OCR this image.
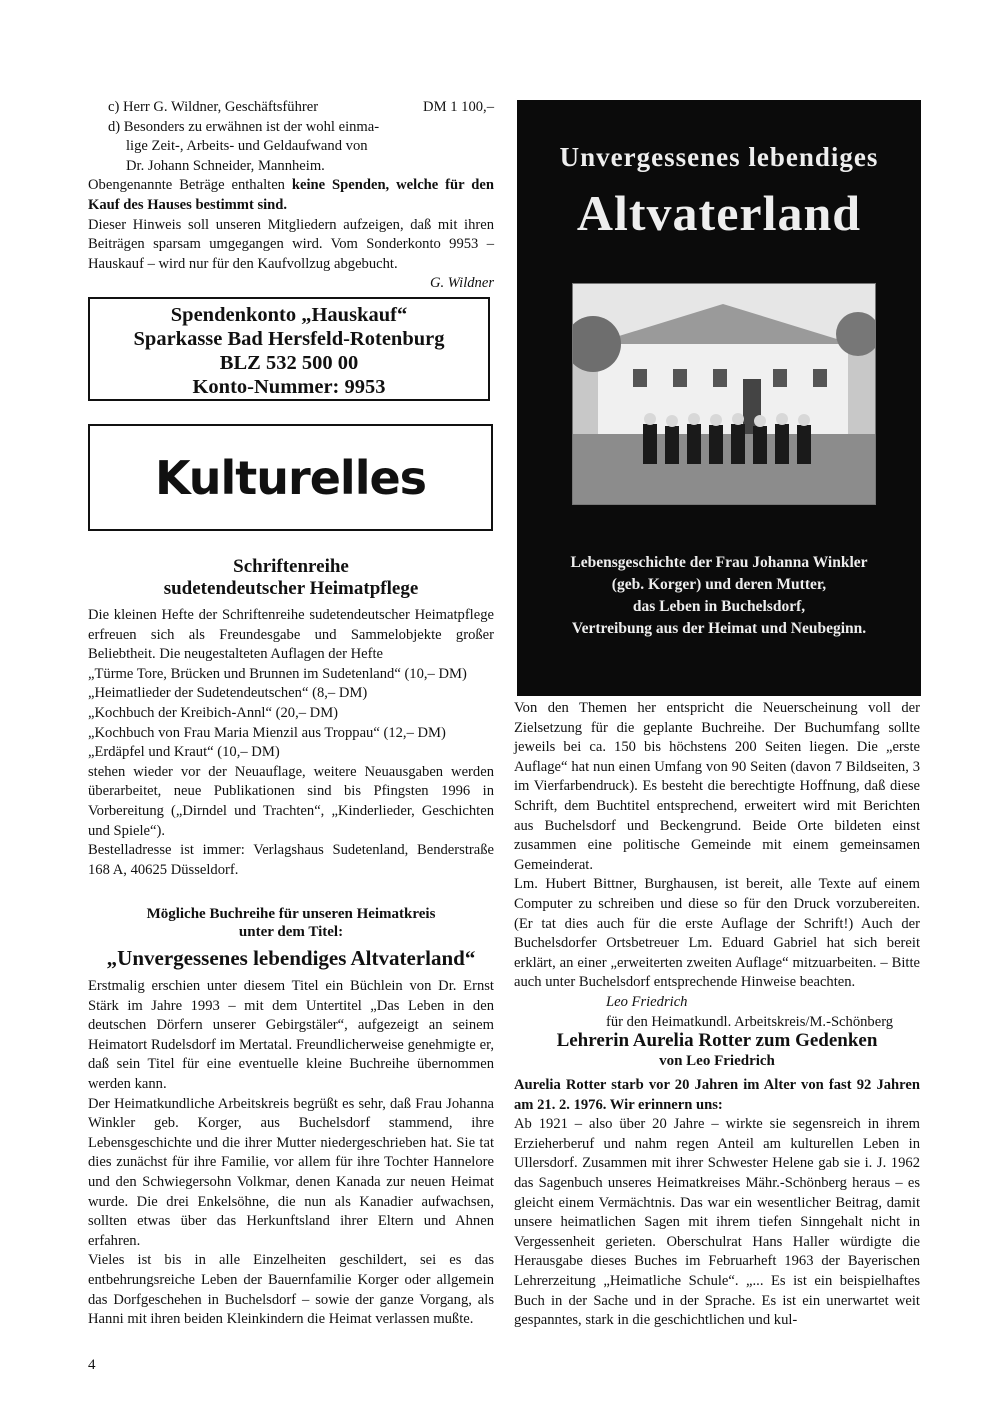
c) Herr G. Wildner, Geschäftsführer	DM 1 100,–
d) Besonders zu erwähnen ist der wohl einma-
lige Zeit-, Arbeits- und Geldaufwand von
Dr. Johann Schneider, Mannheim.

Obengenannte Beträge enthalten keine Spenden, welche für den Kauf des Hauses bestimmt sind.

Dieser Hinweis soll unseren Mitgliedern aufzeigen, daß mit ihren Beiträgen sparsam umgegangen wird. Vom Sonderkonto 9953 – Hauskauf – wird nur für den Kaufvollzug abgebucht.

G. Wildner

Spendenkonto „Hauskauf“
Sparkasse Bad Hersfeld-Rotenburg
BLZ 532 500 00
Konto-Nummer: 9953
Kulturelles
Schriftenreihe
sudetendeutscher Heimatpflege

Die kleinen Hefte der Schriftenreihe sudetendeutscher Heimatpflege erfreuen sich als Freundesgabe und Sammelobjekte großer Beliebtheit. Die neugestalteten Auflagen der Hefte

„Türme Tore, Brücken und Brunnen im Sudetenland“ (10,– DM)
„Heimatlieder der Sudetendeutschen“ (8,– DM)
„Kochbuch der Kreibich-Annl“ (20,– DM)
„Kochbuch von Frau Maria Mienzil aus Troppau“ (12,– DM)
„Erdäpfel und Kraut“ (10,– DM)

stehen wieder vor der Neuauflage, weitere Neuausgaben werden überarbeitet, neue Publikationen sind bis Pfingsten 1996 in Vorbereitung („Dirndel und Trachten“, „Kinderlieder, Geschichten und Spiele“).

Bestelladresse ist immer: Verlagshaus Sudetenland, Benderstraße 168 A, 40625 Düsseldorf.

Mögliche Buchreihe für unseren Heimatkreis
unter dem Titel:
„Unvergessenes lebendiges Altvaterland“

Erstmalig erschien unter diesem Titel ein Büchlein von Dr. Ernst Stärk im Jahre 1993 – mit dem Untertitel „Das Leben in den deutschen Dörfern unserer Gebirgstäler“, aufgezeigt an seinem Heimatort Rudelsdorf im Mertatal. Freundlicherweise genehmigte er, daß sein Titel für eine eventuelle kleine Buchreihe übernommen werden kann.

Der Heimatkundliche Arbeitskreis begrüßt es sehr, daß Frau Johanna Winkler geb. Korger, aus Buchelsdorf stammend, ihre Lebensgeschichte und die ihrer Mutter niedergeschrieben hat. Sie tat dies zunächst für ihre Familie, vor allem für ihre Tochter Hannelore und den Schwiegersohn Volkmar, denen Kanada zur neuen Heimat wurde. Die drei Enkelsöhne, die nun als Kanadier aufwachsen, sollten etwas über das Herkunftsland ihrer Eltern und Ahnen erfahren.

Vieles ist bis in alle Einzelheiten geschildert, sei es das entbehrungsreiche Leben der Bauernfamilie Korger oder allgemein das Dorfgeschehen in Buchelsdorf – sowie der ganze Vorgang, als Hanni mit ihren beiden Kleinkindern die Heimat verlassen mußte.

Unvergessenes lebendiges
Altvaterland
Lebensgeschichte der Frau Johanna Winkler
(geb. Korger) und deren Mutter,
das Leben in Buchelsdorf,
Vertreibung aus der Heimat und Neubeginn.

Von den Themen her entspricht die Neuerscheinung voll der Zielsetzung für die geplante Buchreihe. Der Buchumfang sollte jeweils bei ca. 150 bis höchstens 200 Seiten liegen. Die „erste Auflage“ hat nun einen Umfang von 90 Seiten (davon 7 Bildseiten, 3 im Vierfarbendruck). Es besteht die berechtigte Hoffnung, daß diese Schrift, dem Buchtitel entsprechend, erweitert wird mit Berichten aus Buchelsdorf und Beckengrund. Beide Orte bildeten einst zusammen eine politische Gemeinde mit einem gemeinsamen Gemeinderat.

Lm. Hubert Bittner, Burghausen, ist bereit, alle Texte auf einem Computer zu schreiben und diese so für den Druck vorzubereiten. (Er tat dies auch für die erste Auflage der Schrift!) Auch der Buchelsdorfer Ortsbetreuer Lm. Eduard Gabriel hat sich bereit erklärt, an einer „erweiterten zweiten Auflage“ mitzuarbeiten. – Bitte auch unter Buchelsdorf entsprechende Hinweise beachten.

Leo Friedrich

für den Heimatkundl. Arbeitskreis/M.-Schönberg

Lehrerin Aurelia Rotter zum Gedenken
von Leo Friedrich

Aurelia Rotter starb vor 20 Jahren im Alter von fast 92 Jahren am 21. 2. 1976. Wir erinnern uns:

Ab 1921 – also über 20 Jahre – wirkte sie segensreich in ihrem Erzieherberuf und nahm regen Anteil am kulturellen Leben in Ullersdorf. Zusammen mit ihrer Schwester Helene gab sie i. J. 1962 das Sagenbuch unseres Heimatkreises Mähr.-Schönberg heraus – es gleicht einem Vermächtnis. Das war ein wesentlicher Beitrag, damit unsere heimatlichen Sagen mit ihrem tiefen Sinngehalt nicht in Vergessenheit gerieten. Oberschulrat Hans Haller würdigte die Herausgabe dieses Buches im Februarheft 1963 der Bayerischen Lehrerzeitung „Heimatliche Schule“. „... Es ist ein beispielhaftes Buch in der Sache und in der Sprache. Es ist ein unerwartet weit gespanntes, stark in die geschichtlichen und kul-

4
